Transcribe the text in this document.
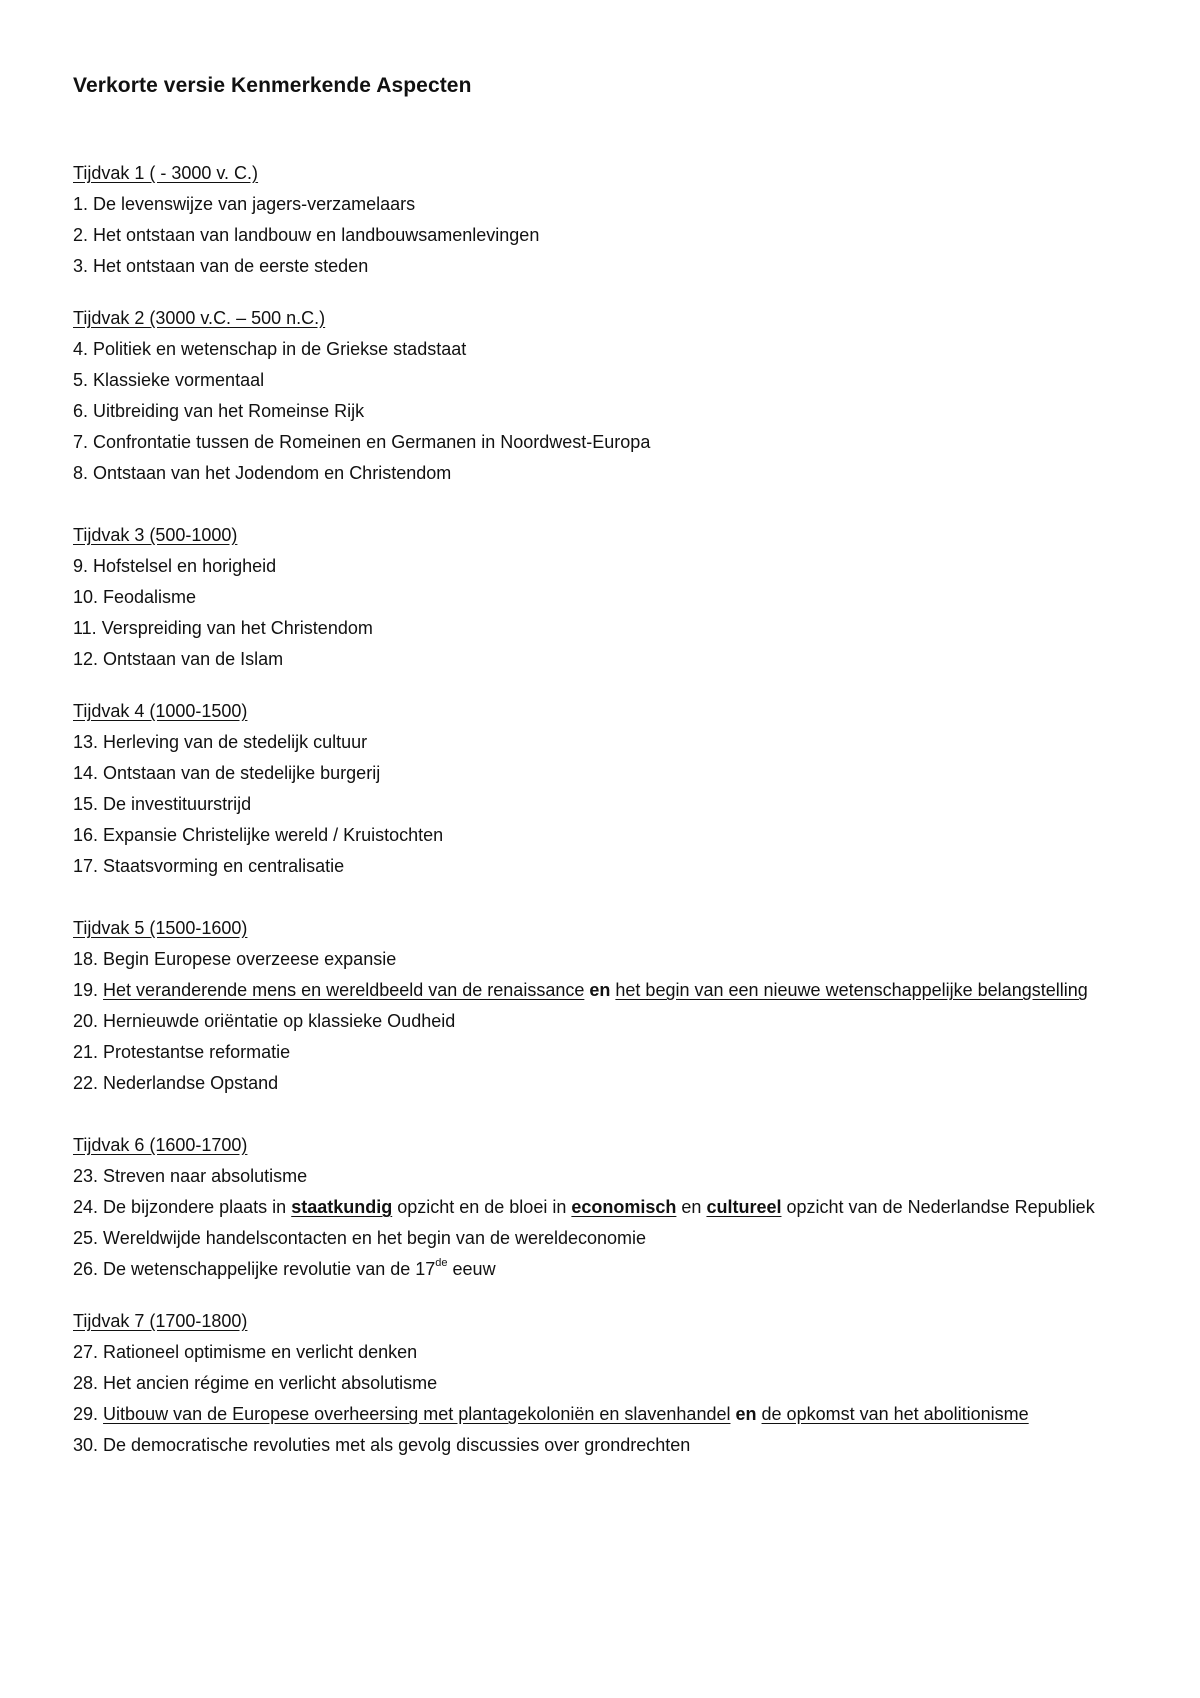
Verkorte versie Kenmerkende Aspecten
Tijdvak 1 ( - 3000 v. C.)
1. De levenswijze van jagers-verzamelaars
2. Het ontstaan van landbouw en landbouwsamenlevingen
3. Het ontstaan van de eerste steden
Tijdvak 2 (3000 v.C. – 500 n.C.)
4. Politiek en wetenschap in de Griekse stadstaat
5. Klassieke vormentaal
6. Uitbreiding van het Romeinse Rijk
7. Confrontatie tussen de Romeinen en Germanen in Noordwest-Europa
8. Ontstaan van het Jodendom en Christendom
Tijdvak 3 (500-1000)
9. Hofstelsel en horigheid
10. Feodalisme
11. Verspreiding van het Christendom
12. Ontstaan van de Islam
Tijdvak 4 (1000-1500)
13. Herleving van de stedelijk cultuur
14. Ontstaan van de stedelijke burgerij
15. De investituurstrijd
16. Expansie Christelijke wereld / Kruistochten
17. Staatsvorming en centralisatie
Tijdvak 5 (1500-1600)
18. Begin Europese overzeese expansie
19. Het veranderende mens en wereldbeeld van de renaissance en het begin van een nieuwe wetenschappelijke belangstelling
20. Hernieuwde oriëntatie op klassieke Oudheid
21. Protestantse reformatie
22. Nederlandse Opstand
Tijdvak 6 (1600-1700)
23. Streven naar absolutisme
24. De bijzondere plaats in staatkundig opzicht en de bloei in economisch en cultureel opzicht van de Nederlandse Republiek
25. Wereldwijde handelscontacten en het begin van de wereldeconomie
26. De wetenschappelijke revolutie van de 17de eeuw
Tijdvak 7 (1700-1800)
27. Rationeel optimisme en verlicht denken
28. Het ancien régime en verlicht absolutisme
29. Uitbouw van de Europese overheersing met plantagekoloniën en slavenhandel en de opkomst van het abolitionisme
30. De democratische revoluties met als gevolg discussies over grondrechten
